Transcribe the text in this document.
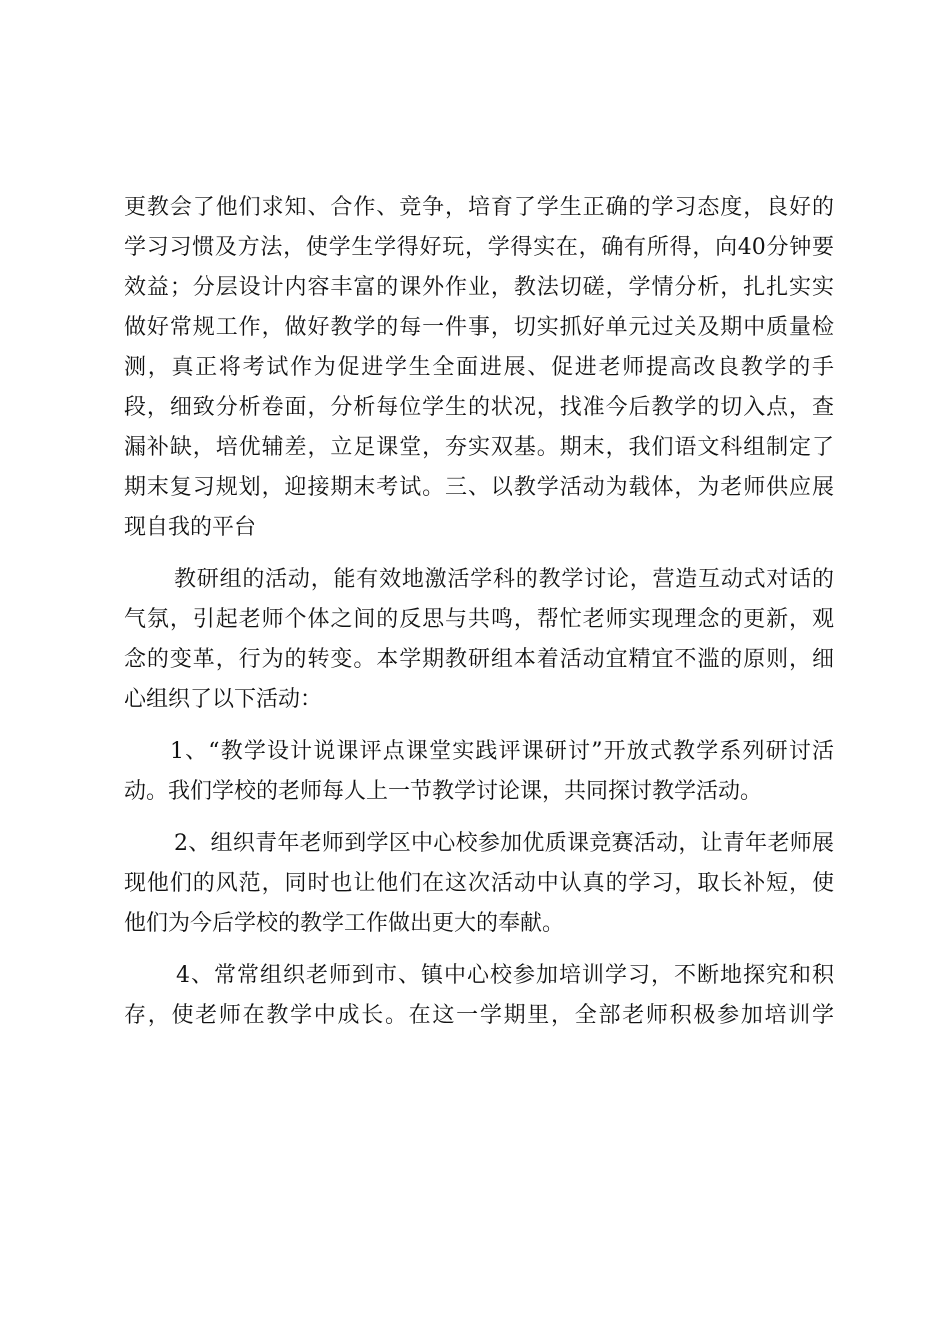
更教会了他们求知、合作、竞争，培育了学生正确的学习态度，良好的
学习习惯及方法，使学生学得好玩，学得实在，确有所得，向40分钟要
效益；分层设计内容丰富的课外作业，教法切磋，学情分析，扎扎实实
做好常规工作，做好教学的每一件事，切实抓好单元过关及期中质量检
测，真正将考试作为促进学生全面进展、促进老师提高改良教学的手
段，细致分析卷面，分析每位学生的状况，找准今后教学的切入点，查
漏补缺，培优辅差，立足课堂，夯实双基。期末，我们语文科组制定了
期末复习规划，迎接期末考试。三、以教学活动为载体，为老师供应展
现自我的平台
教研组的活动，能有效地激活学科的教学讨论，营造互动式对话的
气氛，引起老师个体之间的反思与共鸣，帮忙老师实现理念的更新，观
念的变革，行为的转变。本学期教研组本着活动宜精宜不滥的原则，细
心组织了以下活动：
1、“教学设计说课评点课堂实践评课研讨”开放式教学系列研讨活
动。我们学校的老师每人上一节教学讨论课，共同探讨教学活动。
2、组织青年老师到学区中心校参加优质课竞赛活动，让青年老师展
现他们的风范，同时也让他们在这次活动中认真的学习，取长补短，使
他们为今后学校的教学工作做出更大的奉献。
4、常常组织老师到市、镇中心校参加培训学习，不断地探究和积
存，使老师在教学中成长。在这一学期里，全部老师积极参加培训学
